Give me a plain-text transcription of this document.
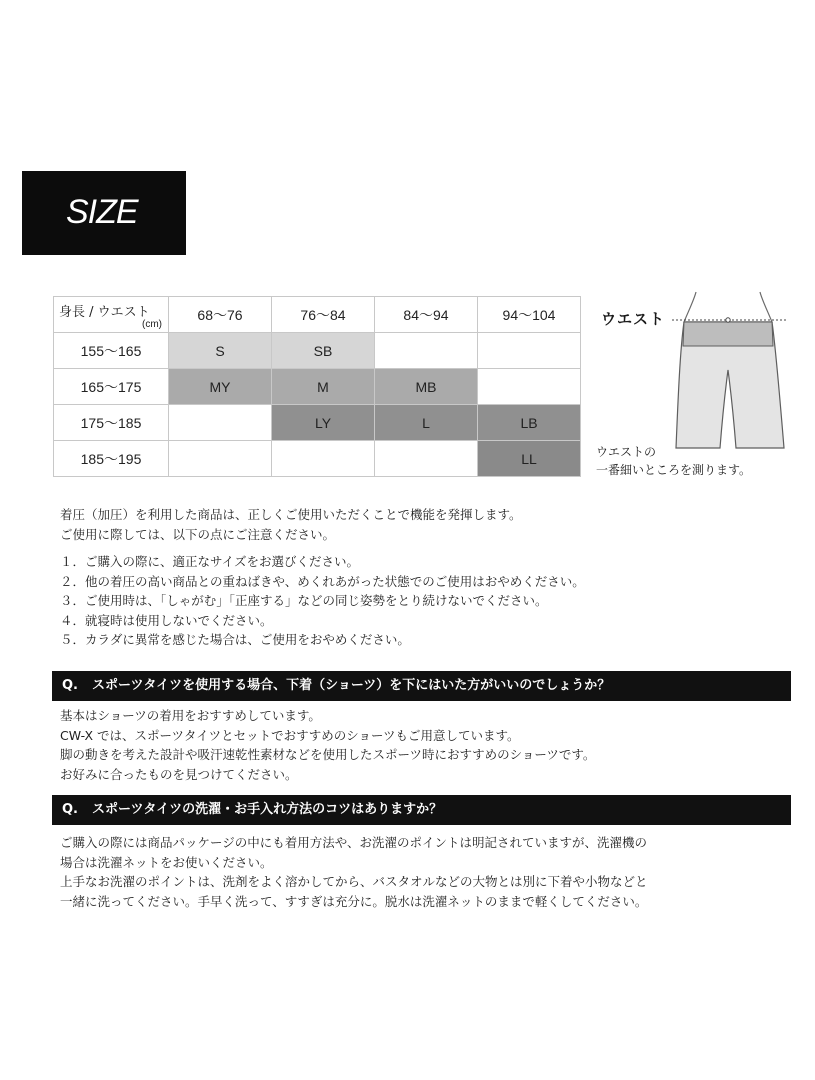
SIZE
身長 / ウエスト
(cm)	68〜76	76〜84	84〜94	94〜104
155〜165	S	SB		
165〜175	MY	M	MB	
175〜185		LY	L	LB
185〜195				LL
ウエスト
ウエストの
一番細いところを測ります。
着圧（加圧）を利用した商品は、正しくご使用いただくことで機能を発揮します。
ご使用に際しては、以下の点にご注意ください。
１．ご購入の際に、適正なサイズをお選びください。
２．他の着圧の高い商品との重ねばきや、めくれあがった状態でのご使用はおやめください。
３．ご使用時は、「しゃがむ」「正座する」などの同じ姿勢をとり続けないでください。
４．就寝時は使用しないでください。
５．カラダに異常を感じた場合は、ご使用をおやめください。
Q. スポーツタイツを使用する場合、下着（ショーツ）を下にはいた方がいいのでしょうか？
基本はショーツの着用をおすすめしています。
CW-X では、スポーツタイツとセットでおすすめのショーツもご用意しています。
脚の動きを考えた設計や吸汗速乾性素材などを使用したスポーツ時におすすめのショーツです。
お好みに合ったものを見つけてください。
Q. スポーツタイツの洗濯・お手入れ方法のコツはありますか？
ご購入の際には商品パッケージの中にも着用方法や、お洗濯のポイントは明記されていますが、洗濯機の
場合は洗濯ネットをお使いください。
上手なお洗濯のポイントは、洗剤をよく溶かしてから、バスタオルなどの大物とは別に下着や小物などと
一緒に洗ってください。手早く洗って、すすぎは充分に。脱水は洗濯ネットのままで軽くしてください。
